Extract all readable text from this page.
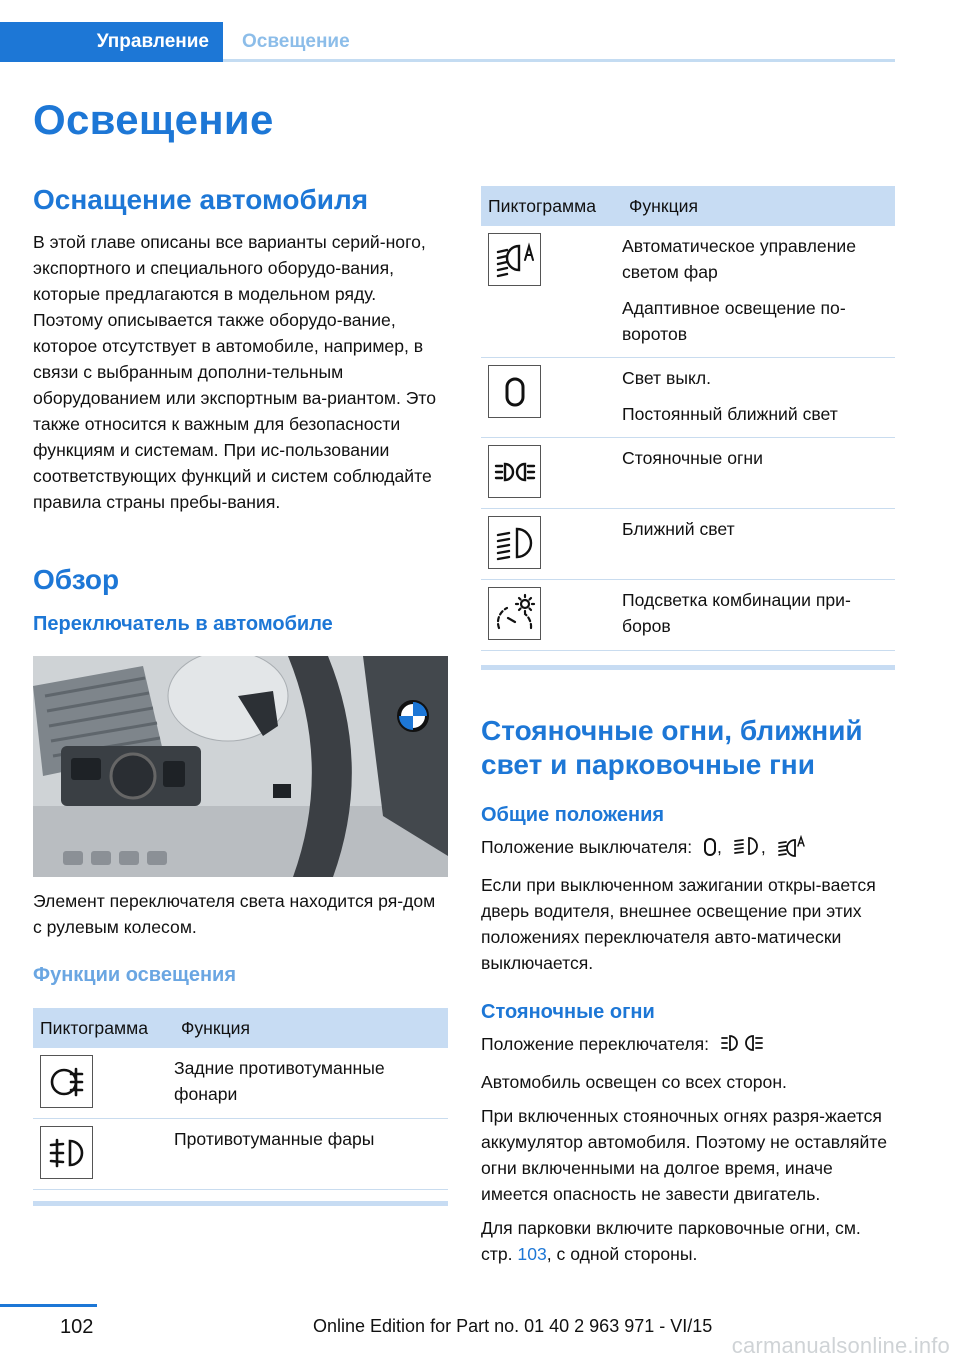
Управление	Освещение
Освещение
Оснащение автомобиля

В этой главе описаны все варианты серий-ного, экспортного и специального оборудо-вания, которые предлагаются в модельном ряду. Поэтому описывается также оборудо-вание, которое отсутствует в автомобиле, например, в связи с выбранным дополни-тельным оборудованием или экспортным ва-риантом. Это также относится к важным для безопасности функциям и системам. При ис-пользовании соответствующих функций и систем соблюдайте правила страны пребы-вания.

Обзор
Переключатель в автомобиле

Элемент переключателя света находится ря-дом с рулевым колесом.

Функции освещения
Пиктограмма	Функция

Задние противотуманные фонари

Противотуманные фары
Пиктограмма	Функция

Автоматическое управление светом фар
Адаптивное освещение по-воротов

Свет выкл.
Постоянный ближний свет

Стояночные огни

Ближний свет

Подсветка комбинации при-боров
Стояночные огни, ближний свет и парковочные гни
Общие положения

Положение выключателя: , ,

Если при выключенном зажигании откры-вается дверь водителя, внешнее освещение при этих положениях переключателя авто-матически выключается.

Стояночные огни

Положение переключателя:

Автомобиль освещен со всех сторон.

При включенных стояночных огнях разря-жается аккумулятор автомобиля. Поэтому не оставляйте огни включенными на долгое время, иначе имеется опасность не завести двигатель.

Для парковки включите парковочные огни, см. стр. 103, с одной стороны.

102	Online Edition for Part no. 01 40 2 963 971 - VI/15
carmanualsonline.info
